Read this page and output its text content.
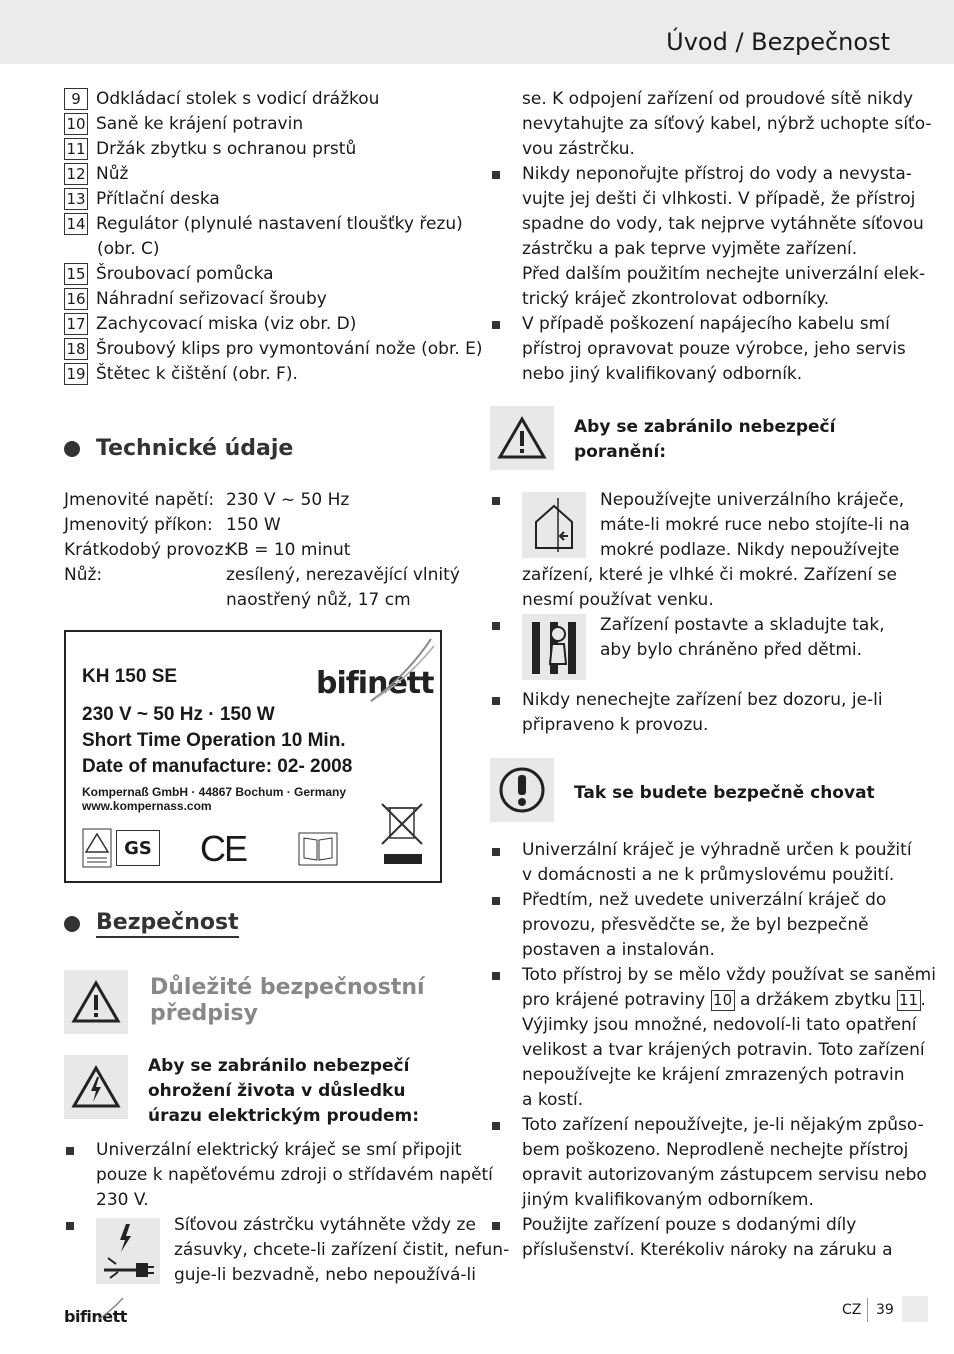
Úvod / Bezpečnost
9 Odkládací stolek s vodicí drážkou
10 Saně ke krájení potravin
11 Držák zbytku s ochranou prstů
12 Nůž
13 Přítlační deska
14 Regulátor (plynulé nastavení tloušťky řezu)
(obr. C)
15 Šroubovací pomůcka
16 Náhradní seřizovací šrouby
17 Zachycovací miska (viz obr. D)
18 Šroubový klips pro vymontování nože (obr. E)
19 Štětec k čištění (obr. F).
Technické údaje
Jmenovité napětí: 230 V ~ 50 Hz
Jmenovitý příkon: 150 W
Krátkodobý provoz:KB = 10 minut
Nůž:	zesílený, nerezavějící vlnitý
naostřený nůž, 17 cm
KH 150 SE	bifinett
230 V ~ 50 Hz · 150 W
Short Time Operation 10 Min.
Date of manufacture: 02- 2008
Kompernaß GmbH · 44867 Bochum · Germany
www.kompernass.com
GS CE
Bezpečnost
Důležité bezpečnostní
předpisy
Aby se zabránilo nebezpečí
ohrožení života v důsledku
úrazu elektrickým proudem:
Univerzální elektrický kráječ se smí připojit
pouze k napěťovému zdroji o střídavém napětí
230 V.
Síťovou zástrčku vytáhněte vždy ze
zásuvky, chcete-li zařízení čistit, nefun-
guje-li bezvadně, nebo nepoužívá-li
se. K odpojení zařízení od proudové sítě nikdy
nevytahujte za síťový kabel, nýbrž uchopte síťo-
vou zástrčku.
Nikdy neponořujte přístroj do vody a nevysta-
vujte jej dešti či vlhkosti. V případě, že přístroj
spadne do vody, tak nejprve vytáhněte síťovou
zástrčku a pak teprve vyjměte zařízení.
Před dalším použitím nechejte univerzální elek-
trický kráječ zkontrolovat odborníky.
V případě poškození napájecího kabelu smí
přístroj opravovat pouze výrobce, jeho servis
nebo jiný kvalifikovaný odborník.
Aby se zabránilo nebezpečí
poranění:
Nepoužívejte univerzálního kráječe,
máte-li mokré ruce nebo stojíte-li na
mokré podlaze. Nikdy nepoužívejte
zařízení, které je vlhké či mokré. Zařízení se
nesmí používat venku.
Zařízení postavte a skladujte tak,
aby bylo chráněno před dětmi.
Nikdy nenechejte zařízení bez dozoru, je-li
připraveno k provozu.
Tak se budete bezpečně chovat
Univerzální kráječ je výhradně určen k použití
v domácnosti a ne k průmyslovému použití.
Předtím, než uvedete univerzální kráječ do
provozu, přesvědčte se, že byl bezpečně
postaven a instalován.
Toto přístroj by se mělo vždy používat se saněmi
pro krájené potraviny 10 a držákem zbytku 11 .
Výjimky jsou množné, nedovolí-li tato opatření
velikost a tvar krájených potravin. Toto zařízení
nepoužívejte ke krájení zmrazených potravin
a kostí.
Toto zařízení nepoužívejte, je-li nějakým způso-
bem poškozeno. Neprodleně nechejte přístroj
opravit autorizovaným zástupcem servisu nebo
jiným kvalifikovaným odborníkem.
Použijte zařízení pouze s dodanými díly
příslušenství. Kterékoliv nároky na záruku a
bifinett	CZ 39
